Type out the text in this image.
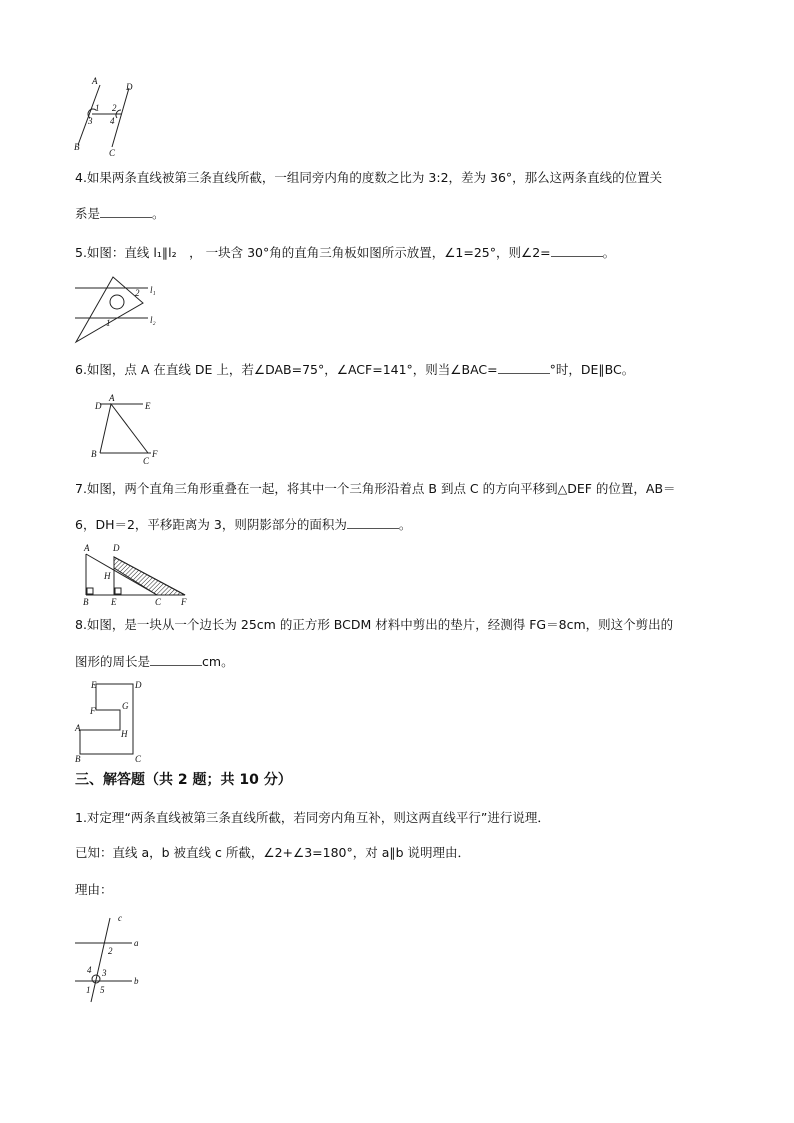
A
B
C
D
1 2
3 4
l₁
l₂
1
2
D
A
E
B
C
F
A	D
H
B	E	C F
E	D
F	G
A
H
B	C
c
a
b
1
2
3
4
5
4.如果两条直线被第三条直线所截，一组同旁内角的度数之比为 3:2，差为 36°，那么这两条直线的位置关
系是	。
5.如图：直线 l₁∥l₂　， 一块含 30°角的直角三角板如图所示放置，∠1=25°，则∠2=	。
6.如图，点 A 在直线 DE 上，若∠DAB=75°，∠ACF=141°，则当∠BAC=	°时，DE∥BC。
7.如图，两个直角三角形重叠在一起，将其中一个三角形沿着点 B 到点 C 的方向平移到△DEF 的位置，AB＝
6，DH＝2，平移距离为 3，则阴影部分的面积为	。
8.如图，是一块从一个边长为 25cm 的正方形 BCDM 材料中剪出的垫片，经测得 FG＝8cm，则这个剪出的
图形的周长是	cm。
三、解答题（共 2 题；共 10 分）
1.对定理“两条直线被第三条直线所截，若同旁内角互补，则这两直线平行”进行说理．
已知：直线 a，b 被直线 c 所截，∠2+∠3=180°，对 a∥b 说明理由．
理由：
